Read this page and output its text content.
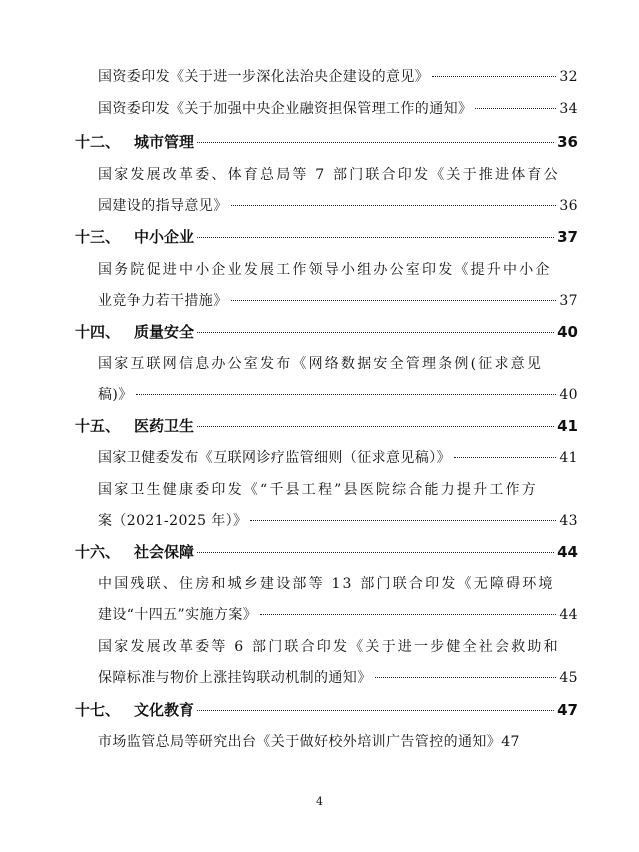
国资委印发《关于进一步深化法治央企建设的意见》	32
国资委印发《关于加强中央企业融资担保管理工作的通知》	34
十二、 城市管理	36
国家发展改革委、体育总局等 7 部门联合印发《关于推进体育公
园建设的指导意见》	36
十三、 中小企业	37
国务院促进中小企业发展工作领导小组办公室印发《提升中小企
业竞争力若干措施》	37
十四、 质量安全	40
国家互联网信息办公室发布《网络数据安全管理条例(征求意见
稿)》	40
十五、 医药卫生	41
国家卫健委发布《互联网诊疗监管细则（征求意见稿）》	41
国家卫生健康委印发《“千县工程”县医院综合能力提升工作方
案（2021-2025 年）》	43
十六、 社会保障	44
中国残联、住房和城乡建设部等 13 部门联合印发《无障碍环境
建设“十四五”实施方案》	44
国家发展改革委等 6 部门联合印发《关于进一步健全社会救助和
保障标准与物价上涨挂钩联动机制的通知》	45
十七、 文化教育	47
市场监管总局等研究出台《关于做好校外培训广告管控的通知》 47
4
